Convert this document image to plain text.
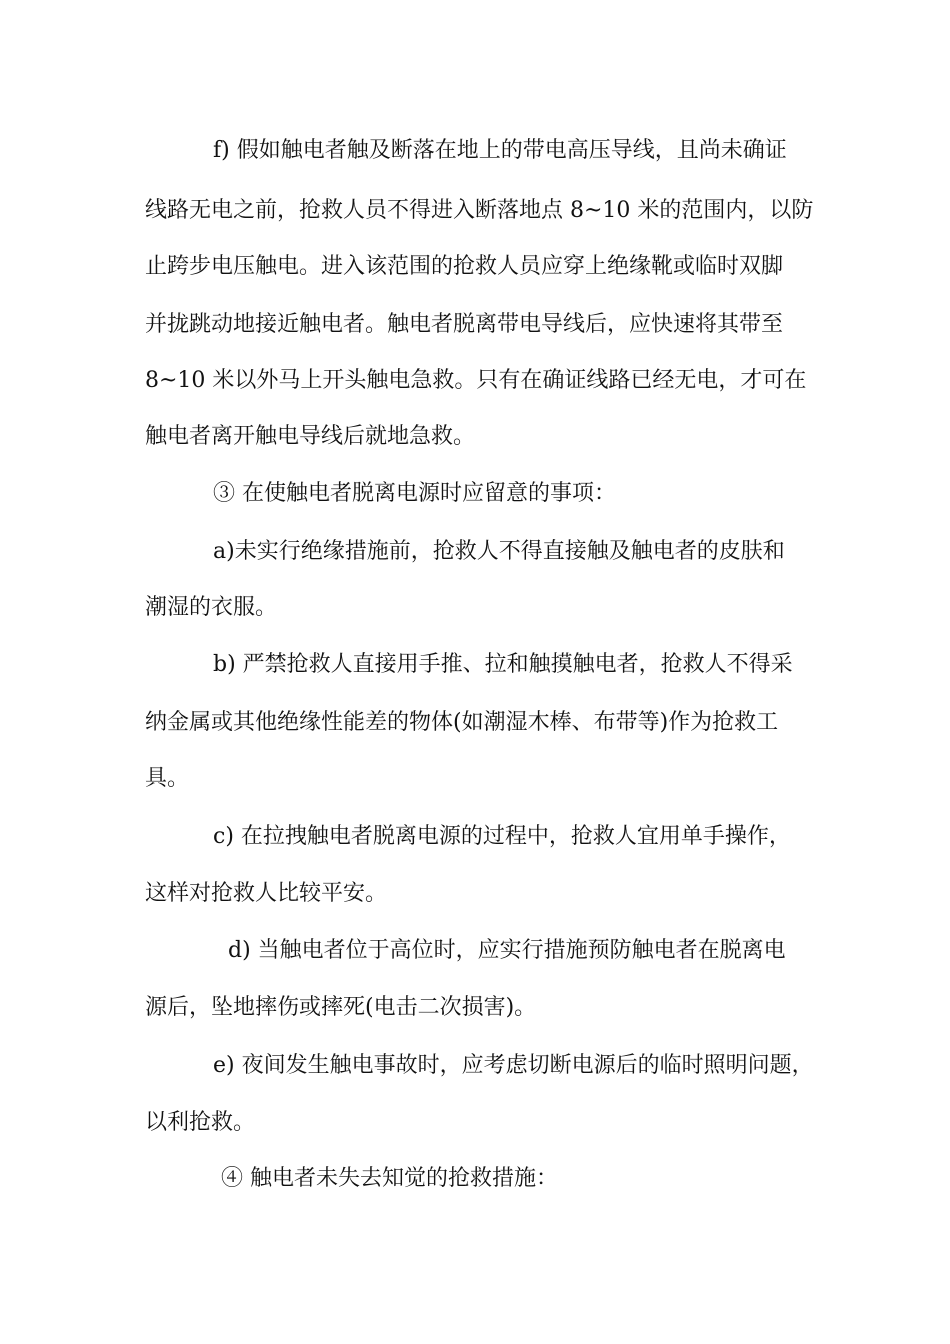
f) 假如触电者触及断落在地上的带电高压导线，且尚未确证
线路无电之前，抢救人员不得进入断落地点 8~10 米的范围内，以防
止跨步电压触电。进入该范围的抢救人员应穿上绝缘靴或临时双脚
并拢跳动地接近触电者。触电者脱离带电导线后，应快速将其带至
8~10 米以外马上开头触电急救。只有在确证线路已经无电，才可在
触电者离开触电导线后就地急救。
③ 在使触电者脱离电源时应留意的事项：
a)未实行绝缘措施前，抢救人不得直接触及触电者的皮肤和
潮湿的衣服。
b) 严禁抢救人直接用手推、拉和触摸触电者，抢救人不得采
纳金属或其他绝缘性能差的物体(如潮湿木棒、布带等)作为抢救工
具。
c) 在拉拽触电者脱离电源的过程中，抢救人宜用单手操作，
这样对抢救人比较平安。
d) 当触电者位于高位时，应实行措施预防触电者在脱离电
源后，坠地摔伤或摔死(电击二次损害)。
e) 夜间发生触电事故时，应考虑切断电源后的临时照明问题，
以利抢救。
④ 触电者未失去知觉的抢救措施：
